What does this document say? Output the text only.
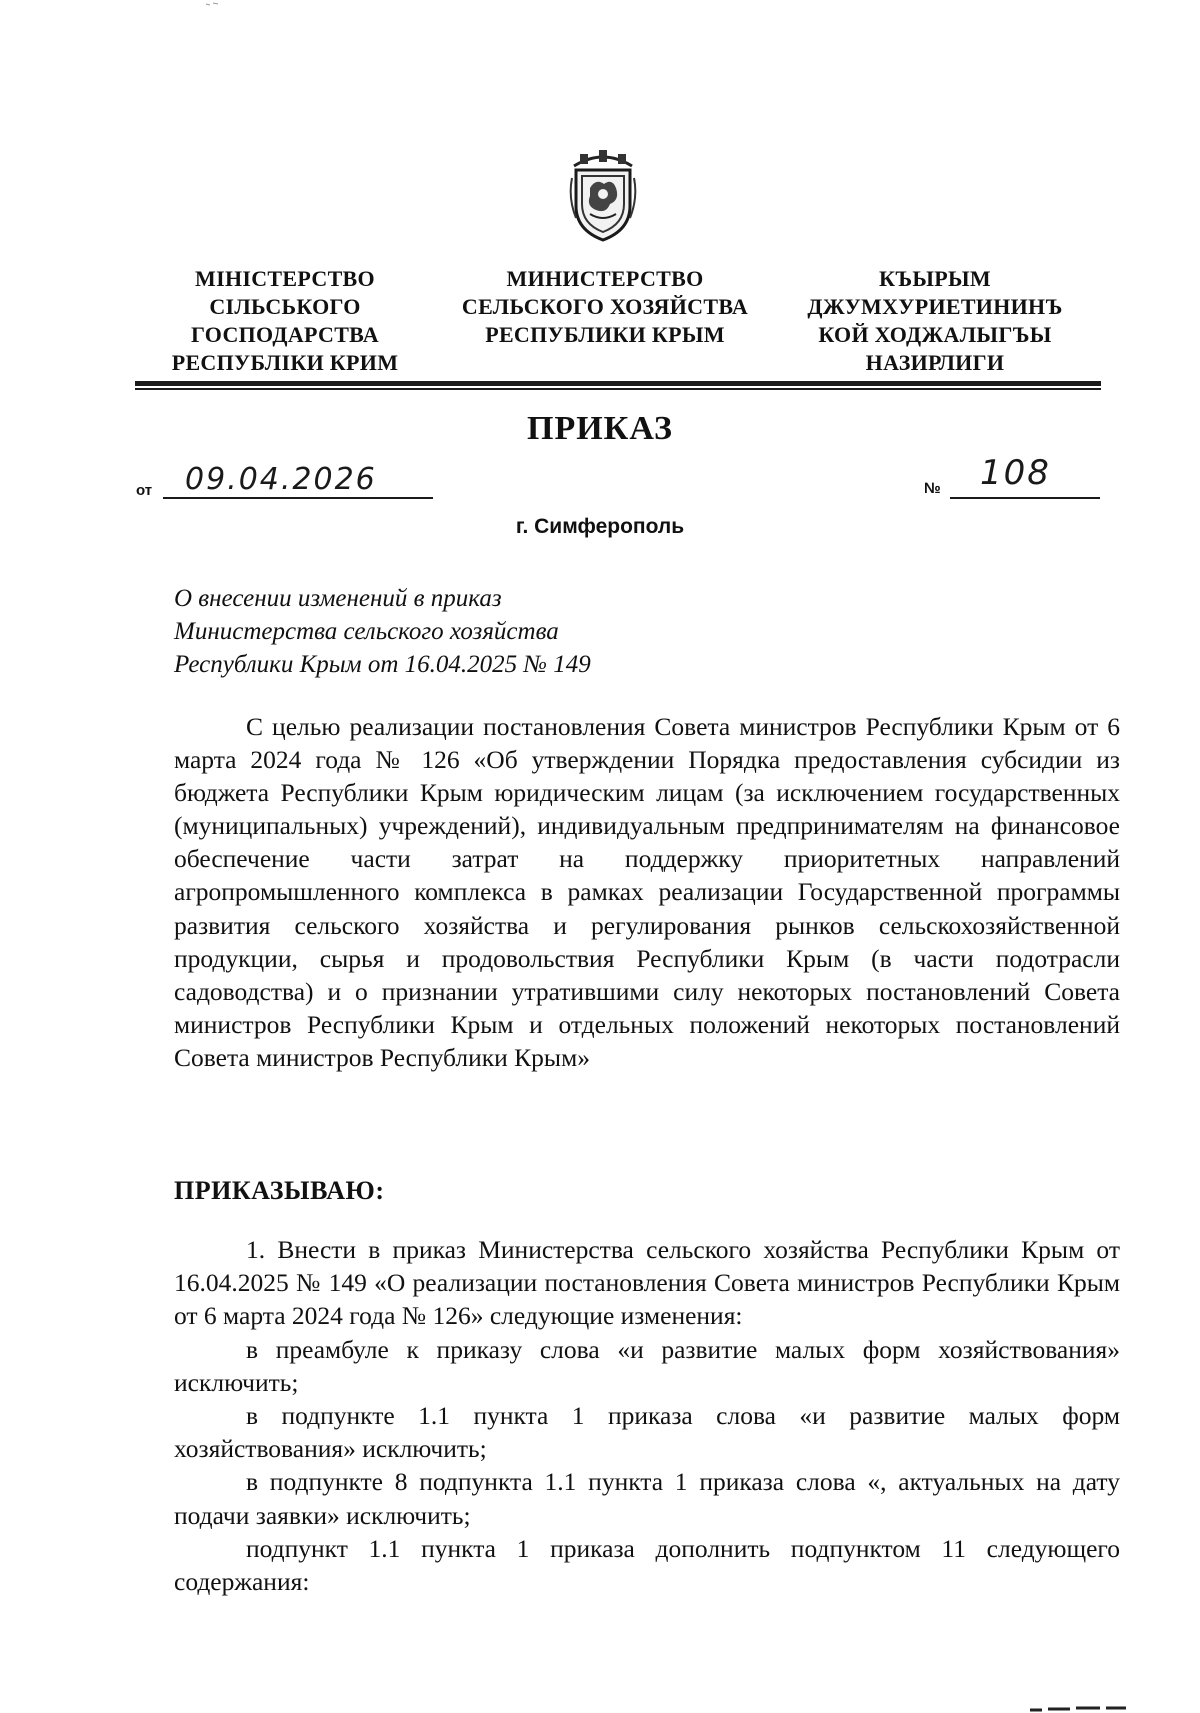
МІНІСТЕРСТВО
СІЛЬСЬКОГО
ГОСПОДАРСТВА
РЕСПУБЛІКИ КРИМ
МИНИСТЕРСТВО
СЕЛЬСКОГО ХОЗЯЙСТВА
РЕСПУБЛИКИ КРЫМ
КЪЫРЫМ
ДЖУМХУРИЕТИНИНЪ
КОЙ ХОДЖАЛЫГЪЫ
НАЗИРЛИГИ
ПРИКАЗ
от 09.04.2026	№ 108
г. Симферополь
О внесении изменений в приказ
Министерства сельского хозяйства
Республики Крым от 16.04.2025 № 149
С целью реализации постановления Совета министров Республики Крым от 6 марта 2024 года № 126 «Об утверждении Порядка предоставления субсидии из бюджета Республики Крым юридическим лицам (за исключением государственных (муниципальных) учреждений), индивидуальным предпринимателям на финансовое обеспечение части затрат на поддержку приоритетных направлений агропромышленного комплекса в рамках реализации Государственной программы развития сельского хозяйства и регулирования рынков сельскохозяйственной продукции, сырья и продовольствия Республики Крым (в части подотрасли садоводства) и о признании утратившими силу некоторых постановлений Совета министров Республики Крым и отдельных положений некоторых постановлений Совета министров Республики Крым»
ПРИКАЗЫВАЮ:

1. Внести в приказ Министерства сельского хозяйства Республики Крым от 16.04.2025 № 149 «О реализации постановления Совета министров Республики Крым от 6 марта 2024 года № 126» следующие изменения:

в преамбуле к приказу слова «и развитие малых форм хозяйствования» исключить;

в подпункте 1.1 пункта 1 приказа слова «и развитие малых форм хозяйствования» исключить;

в подпункте 8 подпункта 1.1 пункта 1 приказа слова «, актуальных на дату подачи заявки» исключить;

подпункт 1.1 пункта 1 приказа дополнить подпунктом 11 следующего содержания:
